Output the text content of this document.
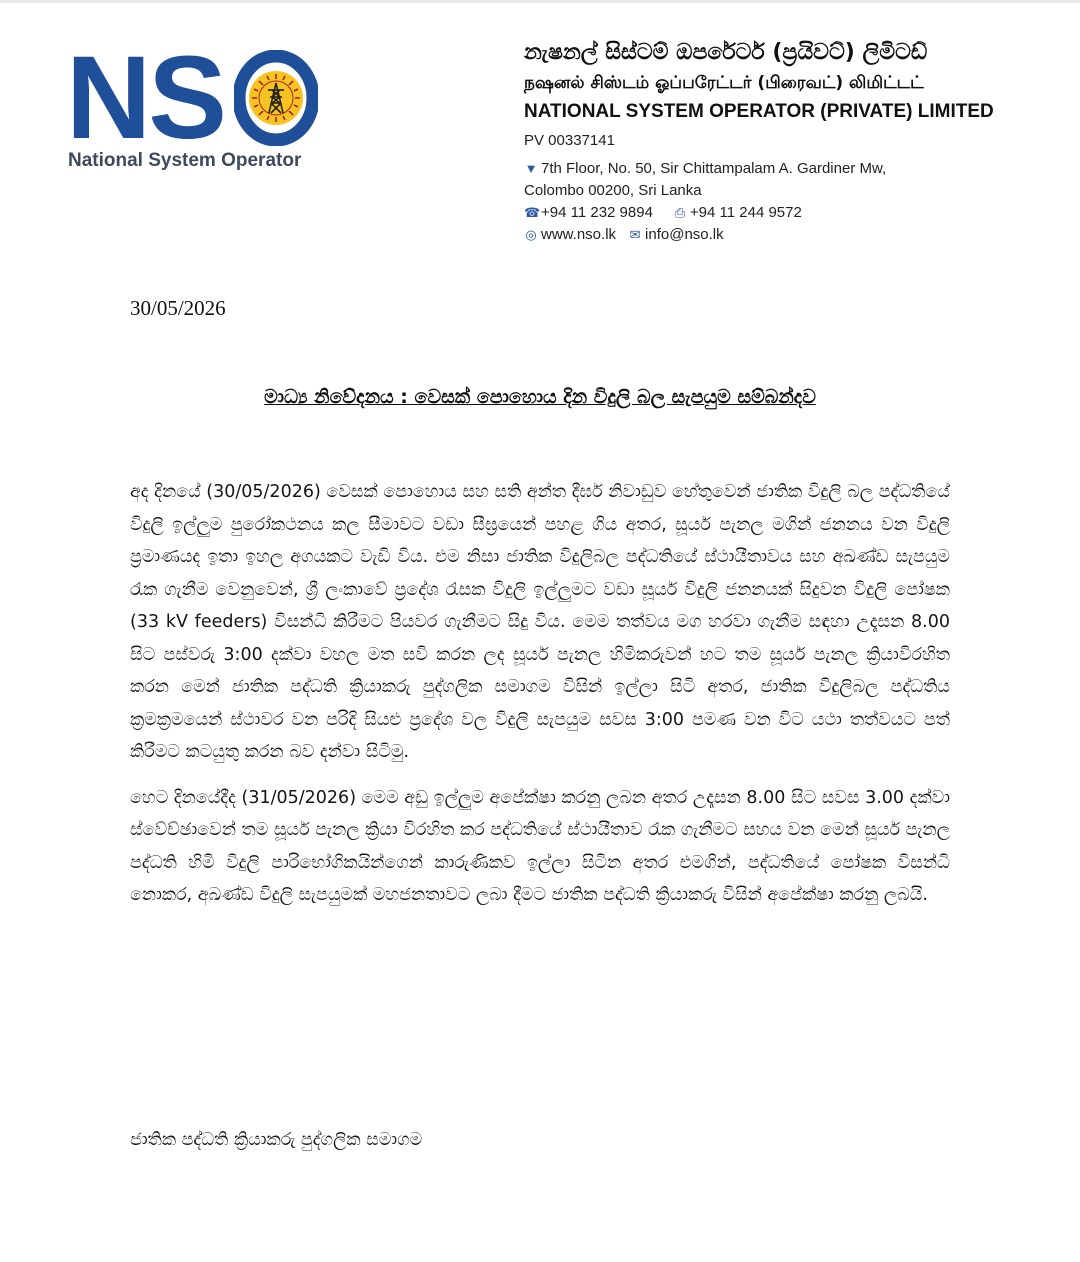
NS
National System Operator
නැෂනල් සිස්ටම් ඔපරේටර් (ප්‍රයිවට්) ලිමිටඩ්
நஷனல் சிஸ்டம் ஓப்பரேட்டர் (பிரைவட்) லிமிட்டட்
NATIONAL SYSTEM OPERATOR (PRIVATE) LIMITED
PV 00337141
▼ 7th Floor, No. 50, Sir Chittampalam A. Gardiner Mw,
Colombo 00200, Sri Lanka
☎+94 11 232 9894 ⎙ +94 11 244 9572
◎ www.nso.lk ✉ info@nso.lk
30/05/2026
මාධ්‍ය නිවේදනය : වෙසක් පොහොය දින විදුලි බල සැපයුම සම්බන්දව

අද දිනයේ (30/05/2026) වෙසක් පොහොය සහ සති අන්ත දීර්ඝ නිවාඩුව හේතුවෙන් ජාතික විදුලි බල පද්ධතියේ විදුලි ඉල්ලුම පුරෝකථනය කල සීමාවට වඩා සීඝ්‍රයෙන් පහළ ගිය අතර, සූර්ය පැනල මගින් ජනනය වන විදුලි ප්‍රමාණයද ඉතා ඉහල අගයකට වැඩි විය. එම නිසා ජාතික විදුලිබල පද්ධතියේ ස්ථායීතාවය සහ අඛණ්ඩ සැපයුම රැක ගැනීම වෙනුවෙන්, ශ්‍රී ලංකාවේ ප්‍රදේශ රැසක විදුලි ඉල්ලුමට වඩා සූර්ය විදුලි ජනනයක් සිදුවන විදුලි පෝෂක (33 kV feeders) විසන්ධි කිරීමට පියවර ගැනීමට සිදු විය. මෙම තත්වය මග හරවා ගැනීම සඳහා උදෑසන 8.00 සිට පස්වරු 3:00 දක්වා වහල මත සවි කරන ලද සූර්ය පැනල හිමිකරුවන් හට තම සූර්ය පැනල ක්‍රියාවිරහිත කරන මෙන් ජාතික පද්ධති ක්‍රියාකරු පුද්ගලික සමාගම විසින් ඉල්ලා සිටි අතර, ජාතික විදුලිබල පද්ධතිය ක්‍රමක්‍රමයෙන් ස්ථාවර වන පරිදි සියළු ප්‍රදේශ වල විදුලි සැපයුම සවස 3:00 පමණ වන විට යථා තත්වයට පත් කිරීමට කටයුතු කරන බව දන්වා සිටිමු.

හෙට දිනයේදීද (31/05/2026) මෙම අඩු ඉල්ලුම අපේක්ෂා කරනු ලබන අතර උදෑසන 8.00 සිට සවස 3.00 දක්වා ස්වේච්ඡාවෙන් තම සූර්ය පැනල ක්‍රියා විරහිත කර පද්ධතියේ ස්ථායීතාව රැක ගැනීමට සහය වන මෙන් සූර්ය පැනල පද්ධති හිමි විදුලි පාරිභෝගිකයින්ගෙන් කාරුණිකව ඉල්ලා සිටින අතර එමගින්, පද්ධතියේ පෝෂක විසන්ධි නොකර, අඛණ්ඩ විදුලි සැපයුමක් මහජනතාවට ලබා දීමට ජාතික පද්ධති ක්‍රියාකරු විසින් අපේක්ෂා කරනු ලබයි.

ජාතික පද්ධති ක්‍රියාකරු පුද්ගලික සමාගම
